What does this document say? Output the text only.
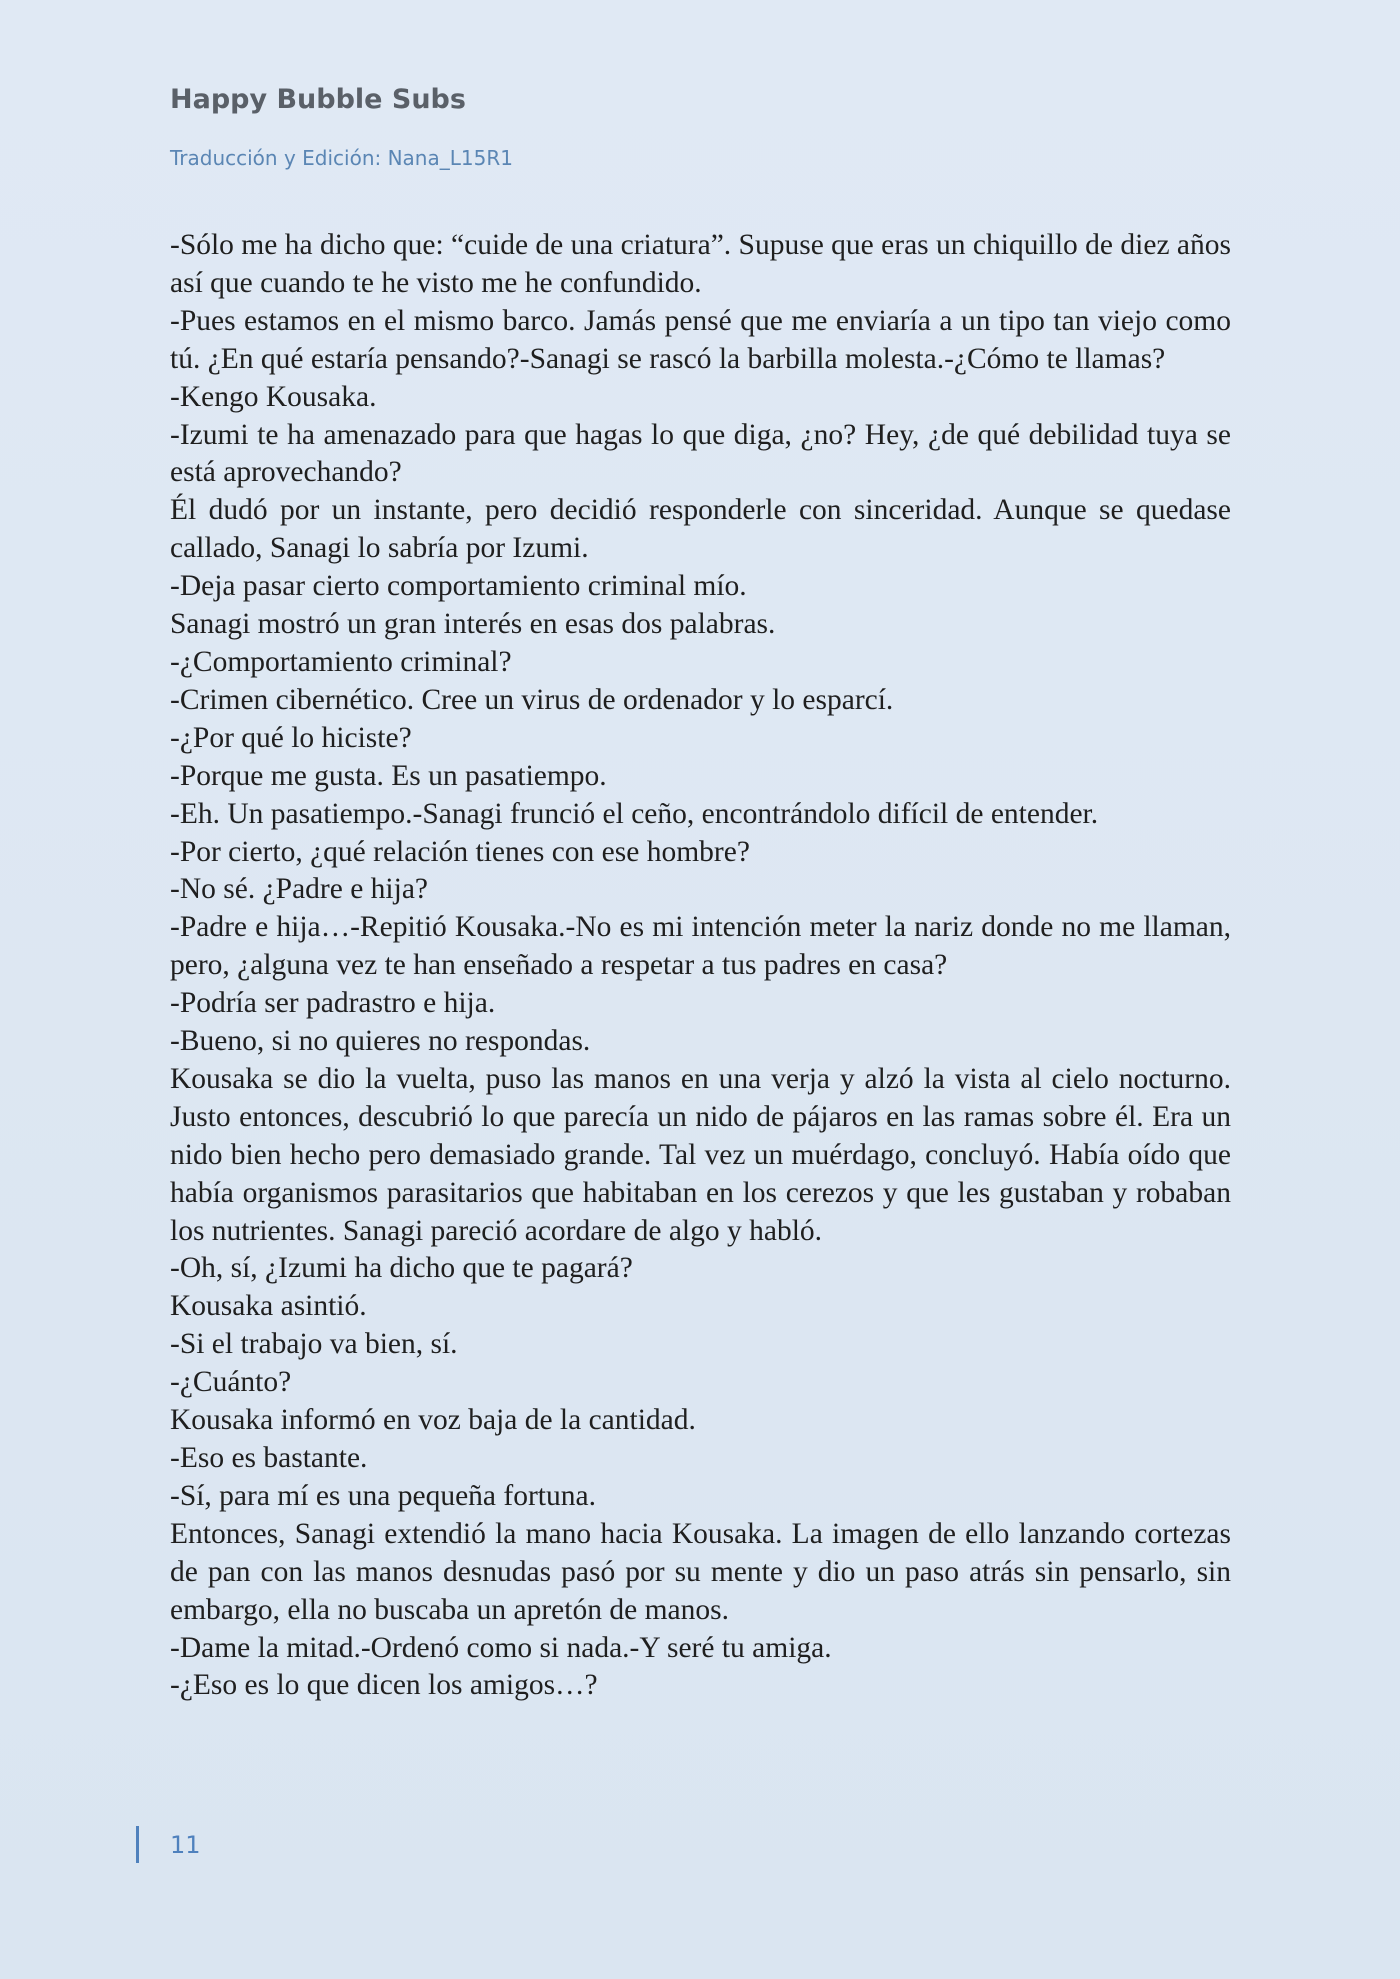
Happy Bubble Subs
Traducción y Edición: Nana_L15R1

-Sólo me ha dicho que: “cuide de una criatura”. Supuse que eras un chiquillo de diez años así que cuando te he visto me he confundido.

-Pues estamos en el mismo barco. Jamás pensé que me enviaría a un tipo tan viejo como tú. ¿En qué estaría pensando?-Sanagi se rascó la barbilla molesta.-¿Cómo te llamas?

-Kengo Kousaka.

-Izumi te ha amenazado para que hagas lo que diga, ¿no? Hey, ¿de qué debilidad tuya se está aprovechando?

Él dudó por un instante, pero decidió responderle con sinceridad. Aunque se quedase callado, Sanagi lo sabría por Izumi.

-Deja pasar cierto comportamiento criminal mío.

Sanagi mostró un gran interés en esas dos palabras.

-¿Comportamiento criminal?

-Crimen cibernético. Cree un virus de ordenador y lo esparcí.

-¿Por qué lo hiciste?

-Porque me gusta. Es un pasatiempo.

-Eh. Un pasatiempo.-Sanagi frunció el ceño, encontrándolo difícil de entender.

-Por cierto, ¿qué relación tienes con ese hombre?

-No sé. ¿Padre e hija?

-Padre e hija…-Repitió Kousaka.-No es mi intención meter la nariz donde no me llaman, pero, ¿alguna vez te han enseñado a respetar a tus padres en casa?

-Podría ser padrastro e hija.

-Bueno, si no quieres no respondas.

Kousaka se dio la vuelta, puso las manos en una verja y alzó la vista al cielo nocturno. Justo entonces, descubrió lo que parecía un nido de pájaros en las ramas sobre él. Era un nido bien hecho pero demasiado grande. Tal vez un muérdago, concluyó. Había oído que había organismos parasitarios que habitaban en los cerezos y que les gustaban y robaban los nutrientes. Sanagi pareció acordare de algo y habló.

-Oh, sí, ¿Izumi ha dicho que te pagará?

Kousaka asintió.

-Si el trabajo va bien, sí.

-¿Cuánto?

Kousaka informó en voz baja de la cantidad.

-Eso es bastante.

-Sí, para mí es una pequeña fortuna.

Entonces, Sanagi extendió la mano hacia Kousaka. La imagen de ello lanzando cortezas de pan con las manos desnudas pasó por su mente y dio un paso atrás sin pensarlo, sin embargo, ella no buscaba un apretón de manos.

-Dame la mitad.-Ordenó como si nada.-Y seré tu amiga.

-¿Eso es lo que dicen los amigos…?

11
